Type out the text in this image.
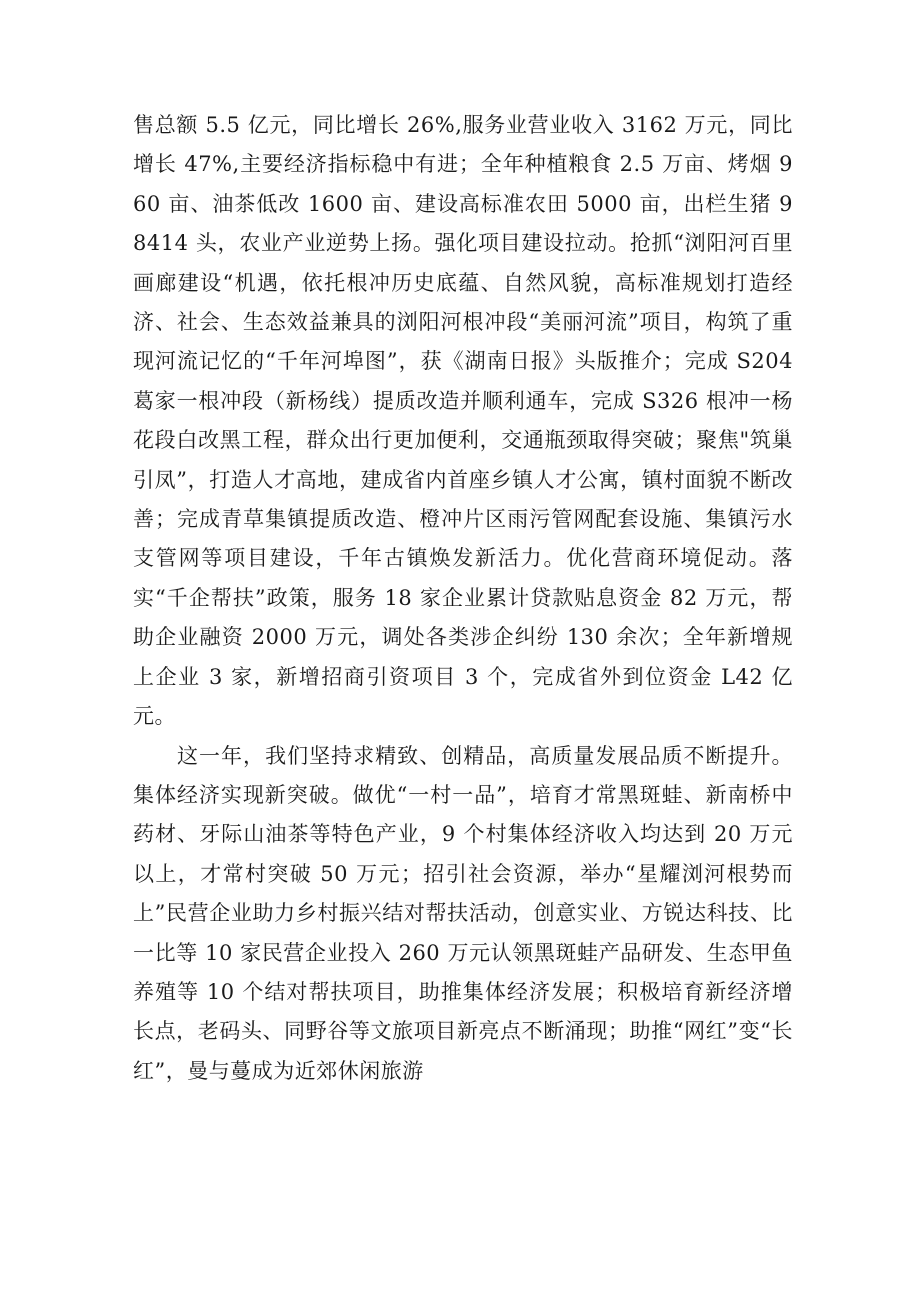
售总额 5.5 亿元，同比增长 26%,服务业营业收入 3162 万元，同比增长 47%,主要经济指标稳中有进；全年种植粮食 2.5 万亩、烤烟 960 亩、油茶低改 1600 亩、建设高标准农田 5000 亩，出栏生猪 98414 头，农业产业逆势上扬。强化项目建设拉动。抢抓“浏阳河百里画廊建设“机遇，依托根冲历史底蕴、自然风貌，高标准规划打造经济、社会、生态效益兼具的浏阳河根冲段“美丽河流”项目，构筑了重现河流记忆的“千年河埠图”，获《湖南日报》头版推介；完成 S204 葛家一根冲段（新杨线）提质改造并顺利通车，完成 S326 根冲一杨花段白改黑工程，群众出行更加便利，交通瓶颈取得突破；聚焦"筑巢引凤”，打造人才高地，建成省内首座乡镇人才公寓，镇村面貌不断改善；完成青草集镇提质改造、橙冲片区雨污管网配套设施、集镇污水支管网等项目建设，千年古镇焕发新活力。优化营商环境促动。落实“千企帮扶”政策，服务 18 家企业累计贷款贴息资金 82 万元，帮助企业融资 2000 万元，调处各类涉企纠纷 130 余次；全年新增规上企业 3 家，新增招商引资项目 3 个，完成省外到位资金 L42 亿元。

这一年，我们坚持求精致、创精品，高质量发展品质不断提升。集体经济实现新突破。做优“一村一品”，培育才常黑斑蛙、新南桥中药材、牙际山油茶等特色产业，9 个村集体经济收入均达到 20 万元以上，才常村突破 50 万元；招引社会资源，举办“星耀浏河根势而上”民营企业助力乡村振兴结对帮扶活动，创意实业、方锐达科技、比一比等 10 家民营企业投入 260 万元认领黑斑蛙产品研发、生态甲鱼养殖等 10 个结对帮扶项目，助推集体经济发展；积极培育新经济增长点，老码头、同野谷等文旅项目新亮点不断涌现；助推“网红”变“长红”，曼与蔓成为近郊休闲旅游
